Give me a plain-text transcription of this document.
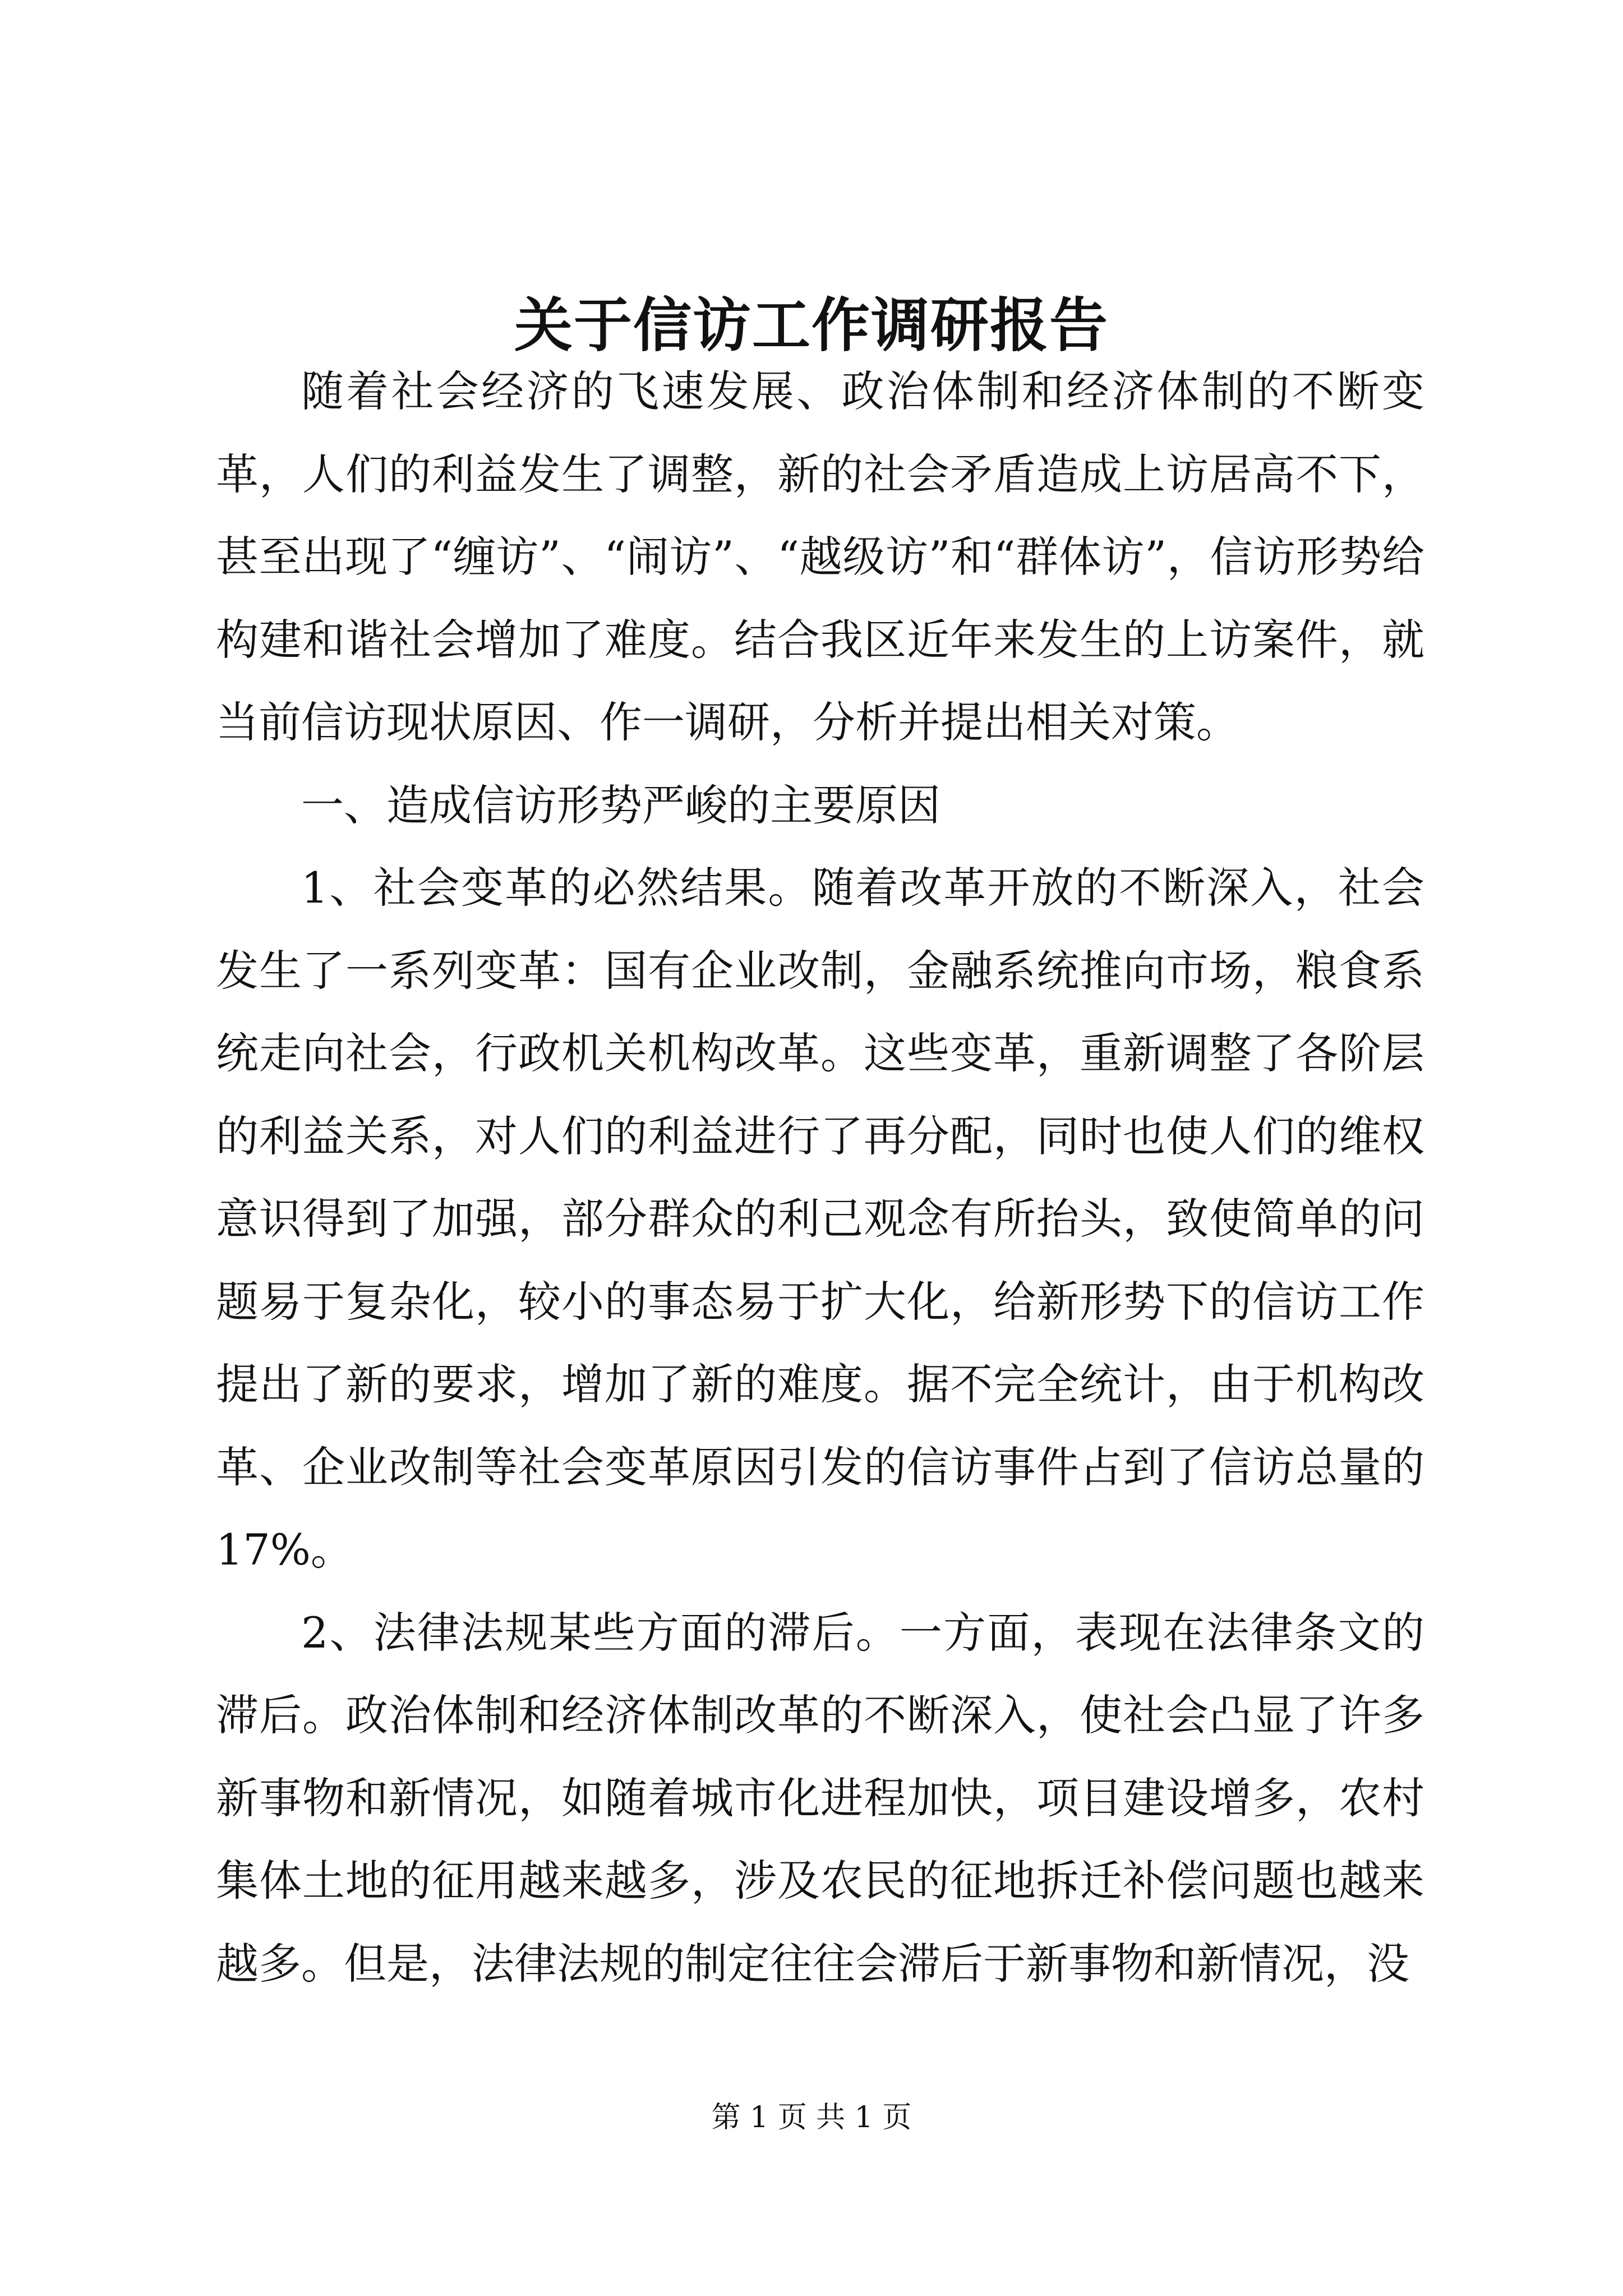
关于信访工作调研报告

随着社会经济的飞速发展、政治体制和经济体制的不断变革，人们的利益发生了调整，新的社会矛盾造成上访居高不下，甚至出现了“缠访”、“闹访”、“越级访”和“群体访”，信访形势给构建和谐社会增加了难度。结合我区近年来发生的上访案件，就当前信访现状原因、作一调研，分析并提出相关对策。

一、造成信访形势严峻的主要原因

1、社会变革的必然结果。随着改革开放的不断深入，社会发生了一系列变革：国有企业改制，金融系统推向市场，粮食系统走向社会，行政机关机构改革。这些变革，重新调整了各阶层的利益关系，对人们的利益进行了再分配，同时也使人们的维权意识得到了加强，部分群众的利己观念有所抬头，致使简单的问题易于复杂化，较小的事态易于扩大化，给新形势下的信访工作提出了新的要求，增加了新的难度。据不完全统计，由于机构改革、企业改制等社会变革原因引发的信访事件占到了信访总量的17%。

2、法律法规某些方面的滞后。一方面，表现在法律条文的滞后。政治体制和经济体制改革的不断深入，使社会凸显了许多新事物和新情况，如随着城市化进程加快，项目建设增多，农村集体土地的征用越来越多，涉及农民的征地拆迁补偿问题也越来越多。但是，法律法规的制定往往会滞后于新事物和新情况，没

第 1 页 共 1 页
